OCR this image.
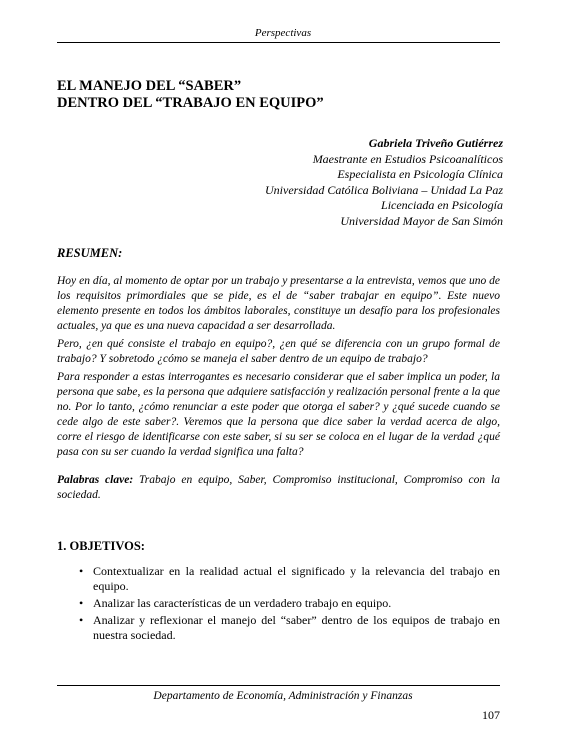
Perspectivas
EL MANEJO DEL “SABER”
DENTRO DEL “TRABAJO EN EQUIPO”
Gabriela Triveño Gutiérrez
Maestrante en Estudios Psicoanalíticos
Especialista en Psicología Clínica
Universidad Católica Boliviana – Unidad La Paz
Licenciada en Psicología
Universidad Mayor de San Simón
RESUMEN:

Hoy en día, al momento de optar por un trabajo y presentarse a la entrevista, vemos que uno de los requisitos primordiales que se pide, es el de “saber trabajar en equipo”. Este nuevo elemento presente en todos los ámbitos laborales, constituye un desafío para los profesionales actuales, ya que es una nueva capacidad a ser desarrollada.

Pero, ¿en qué consiste el trabajo en equipo?, ¿en qué se diferencia con un grupo formal de trabajo? Y sobretodo ¿cómo se maneja el saber dentro de un equipo de trabajo?

Para responder a estas interrogantes es necesario considerar que el saber implica un poder, la persona que sabe, es la persona que adquiere satisfacción y realización personal frente a la que no. Por lo tanto, ¿cómo renunciar a este poder que otorga el saber? y ¿qué sucede cuando se cede algo de este saber?. Veremos que la persona que dice saber la verdad acerca de algo, corre el riesgo de identificarse con este saber, si su ser se coloca en el lugar de la verdad ¿qué pasa con su ser cuando la verdad significa una falta?

Palabras clave: Trabajo en equipo, Saber, Compromiso institucional, Compromiso con la sociedad.
1. OBJETIVOS:
• Contextualizar en la realidad actual el significado y la relevancia del trabajo en equipo.
• Analizar las características de un verdadero trabajo en equipo.
• Analizar y reflexionar el manejo del “saber” dentro de los equipos de trabajo en nuestra sociedad.
Departamento de Economía, Administración y Finanzas
107
